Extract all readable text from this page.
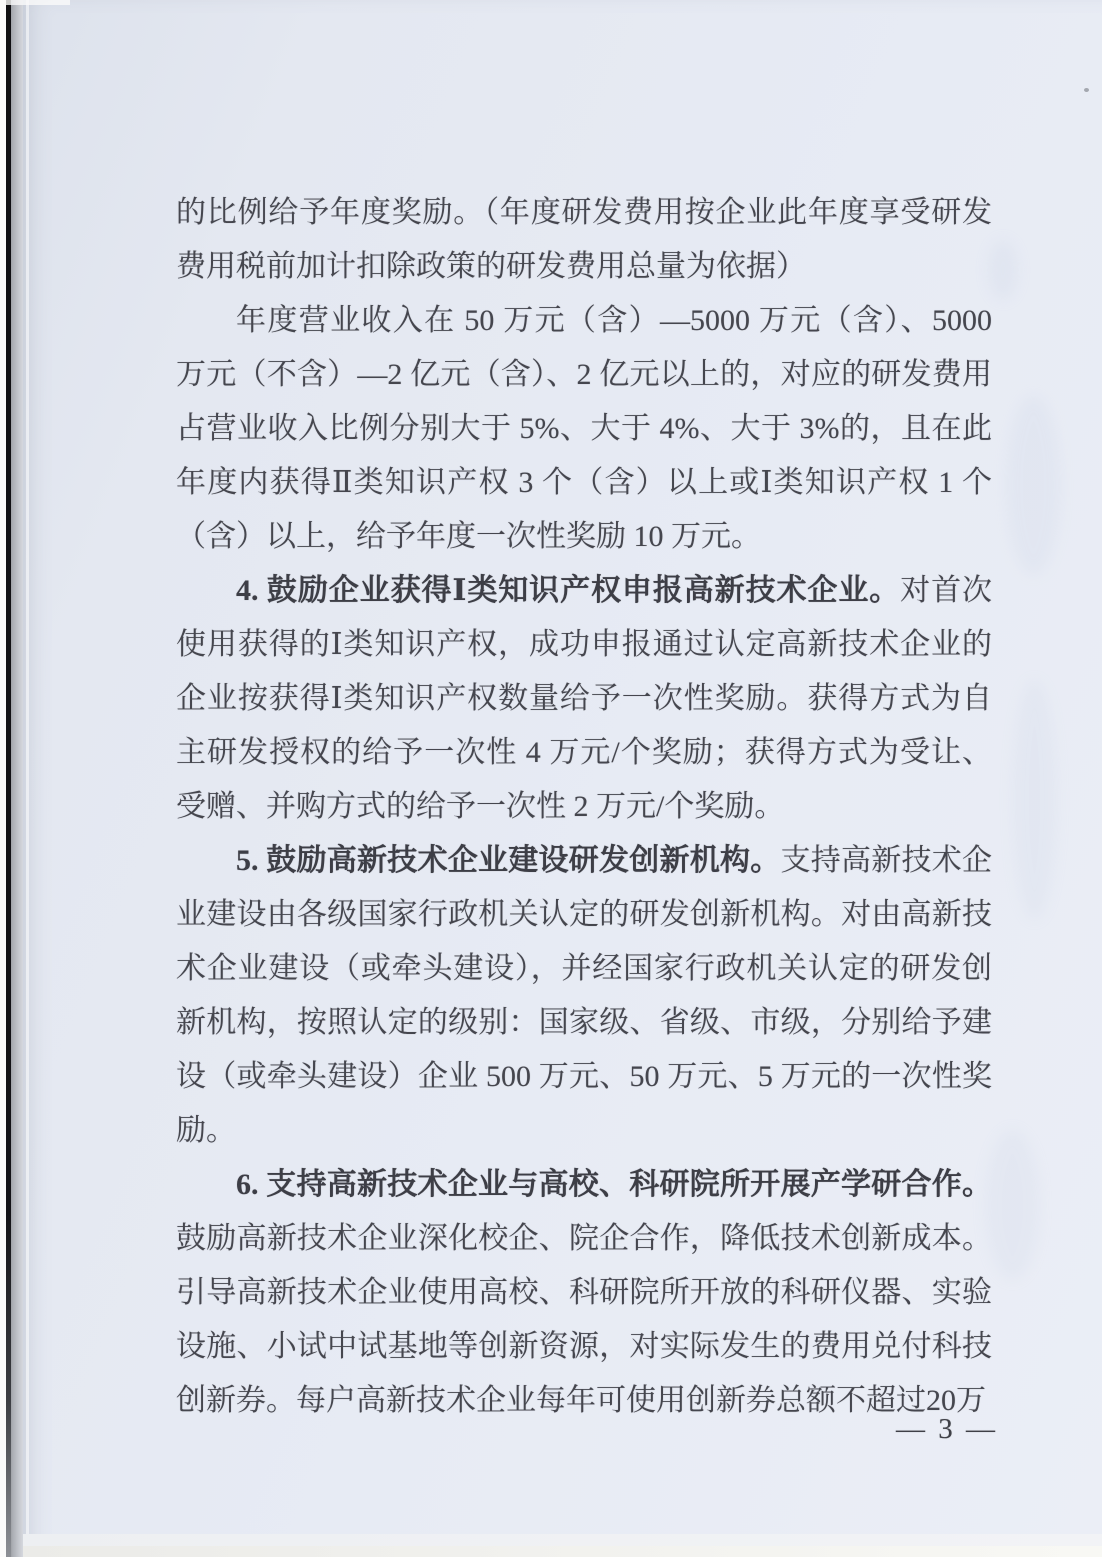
的比例给予年度奖励。（年度研发费用按企业此年度享受研发费用税前加计扣除政策的研发费用总量为依据）

年度营业收入在 50 万元（含）—5000 万元（含）、5000 万元（不含）—2 亿元（含）、2 亿元以上的，对应的研发费用占营业收入比例分别大于 5%、大于 4%、大于 3%的，且在此年度内获得Ⅱ类知识产权 3 个（含）以上或Ⅰ类知识产权 1 个（含）以上，给予年度一次性奖励 10 万元。

4. 鼓励企业获得Ⅰ类知识产权申报高新技术企业。对首次使用获得的Ⅰ类知识产权，成功申报通过认定高新技术企业的企业按获得Ⅰ类知识产权数量给予一次性奖励。获得方式为自主研发授权的给予一次性 4 万元/个奖励；获得方式为受让、受赠、并购方式的给予一次性 2 万元/个奖励。

5. 鼓励高新技术企业建设研发创新机构。支持高新技术企业建设由各级国家行政机关认定的研发创新机构。对由高新技术企业建设（或牵头建设），并经国家行政机关认定的研发创新机构，按照认定的级别：国家级、省级、市级，分别给予建设（或牵头建设）企业 500 万元、50 万元、5 万元的一次性奖励。

6. 支持高新技术企业与高校、科研院所开展产学研合作。鼓励高新技术企业深化校企、院企合作，降低技术创新成本。引导高新技术企业使用高校、科研院所开放的科研仪器、实验设施、小试中试基地等创新资源，对实际发生的费用兑付科技创新券。每户高新技术企业每年可使用创新券总额不超过20万

— 3 —
